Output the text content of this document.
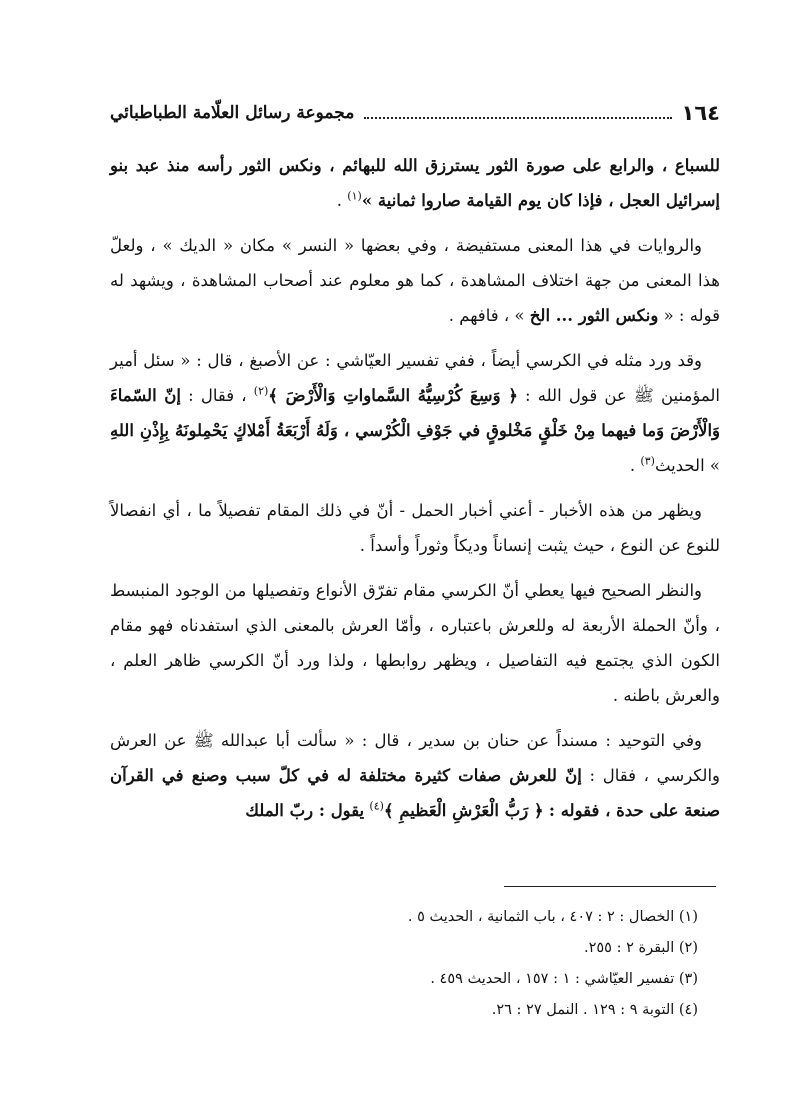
١٦٤
مجموعة رسائل العلّامة الطباطبائي

للسباع ، والرابع على صورة الثور يسترزق الله للبهائم ، ونكس الثور رأسه منذ عبد بنو إسرائيل العجل ، فإذا كان يوم القيامة صاروا ثمانية »$^{(١)}$ .

والروايات في هذا المعنى مستفيضة ، وفي بعضها « النسر » مكان « الديك » ، ولعلّ هذا المعنى من جهة اختلاف المشاهدة ، كما هو معلوم عند أصحاب المشاهدة ، ويشهد له قوله : « ونكس الثور ... الخ » ، فافهم .

وقد ورد مثله في الكرسي أيضاً ، ففي تفسير العيّاشي : عن الأصبغ ، قال : « سئل أمير المؤمنين ﷺ عن قول الله : ﴿ وَسِعَ كُرْسِيُّهُ السَّماواتِ وَالْأَرْضَ ﴾$^{(٢)}$ ، فقال : إنّ السّماءَ وَالْأَرْضَ وَما فيهما مِنْ خَلْقٍ مَخْلوقٍ في جَوْفِ الْكُرْسي ، وَلَهُ أَرْبَعَةُ أَمْلاكٍ يَحْمِلونَهُ بِإِذْنِ اللهِ » الحديث$^{(٣)}$ .

ويظهر من هذه الأخبار - أعني أخبار الحمل - أنّ في ذلك المقام تفصيلاً ما ، أي انفصالاً للنوع عن النوع ، حيث يثبت إنساناً وديكاً وثوراً وأسداً .

والنظر الصحيح فيها يعطي أنّ الكرسي مقام تفرّق الأنواع وتفصيلها من الوجود المنبسط ، وأنّ الحملة الأربعة له وللعرش باعتباره ، وأمّا العرش بالمعنى الذي استفدناه فهو مقام الكون الذي يجتمع فيه التفاصيل ، ويظهر روابطها ، ولذا ورد أنّ الكرسي ظاهر العلم ، والعرش باطنه .

وفي التوحيد : مسنداً عن حنان بن سدير ، قال : « سألت أبا عبدالله ﷺ عن العرش والكرسي ، فقال : إنّ للعرش صفات كثيرة مختلفة له في كلّ سبب وصنع في القرآن صنعة على حدة ، فقوله : ﴿ رَبُّ الْعَرْشِ الْعَظيمِ ﴾$^{(٤)}$ يقول : ربّ الملك

(١) الخصال : ٢ : ٤٠٧ ، باب الثمانية ، الحديث ٥ .
(٢) البقرة ٢ : ٢٥٥.
(٣) تفسير العيّاشي : ١ : ١٥٧ ، الحديث ٤٥٩ .
(٤) التوبة ٩ : ١٢٩ . النمل ٢٧ : ٢٦.
